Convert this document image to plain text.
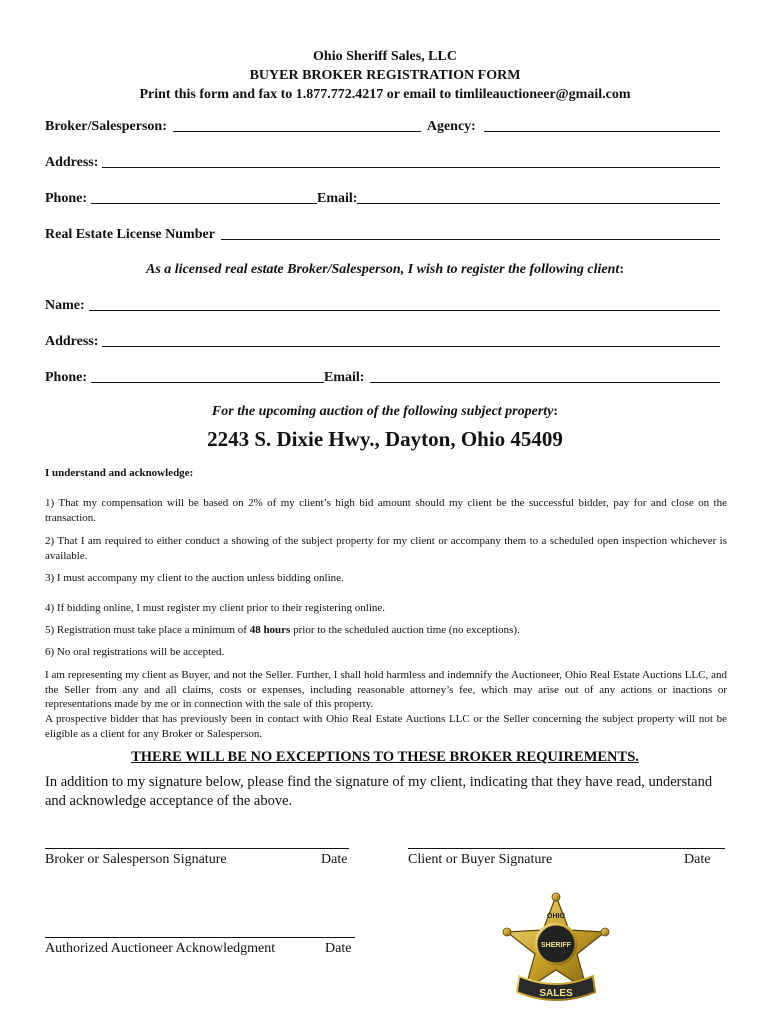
Ohio Sheriff Sales, LLC
BUYER BROKER REGISTRATION FORM
Print this form and fax to 1.877.772.4217 or email to timlileauctioneer@gmail.com
Broker/Salesperson:	Agency:
Address:
Phone:	Email:
Real Estate License Number
As a licensed real estate Broker/Salesperson, I wish to register the following client:
Name:
Address:
Phone:	Email:
For the upcoming auction of the following subject property:
2243 S. Dixie Hwy., Dayton, Ohio 45409
I understand and acknowledge:
1) That my compensation will be based on 2% of my client’s high bid amount should my client be the successful bidder, pay for and close on the transaction.
2) That I am required to either conduct a showing of the subject property for my client or accompany them to a scheduled open inspection whichever is available.
3) I must accompany my client to the auction unless bidding online.
4) If bidding online, I must register my client prior to their registering online.
5) Registration must take place a minimum of 48 hours prior to the scheduled auction time (no exceptions).
6) No oral registrations will be accepted.
I am representing my client as Buyer, and not the Seller. Further, I shall hold harmless and indemnify the Auctioneer, Ohio Real Estate Auctions LLC, and the Seller from any and all claims, costs or expenses, including reasonable attorney’s fee, which may arise out of any actions or inactions or representations made by me or in connection with the sale of this property.
A prospective bidder that has previously been in contact with Ohio Real Estate Auctions LLC or the Seller concerning the subject property will not be eligible as a client for any Broker or Salesperson.
THERE WILL BE NO EXCEPTIONS TO THESE BROKER REQUIREMENTS.
In addition to my signature below, please find the signature of my client, indicating that they have read, understand and acknowledge acceptance of the above.
Broker or Salesperson Signature	Date	Client or Buyer Signature	Date
Authorized Auctioneer Acknowledgment	Date
OHIO
SHERIFF
SALES
